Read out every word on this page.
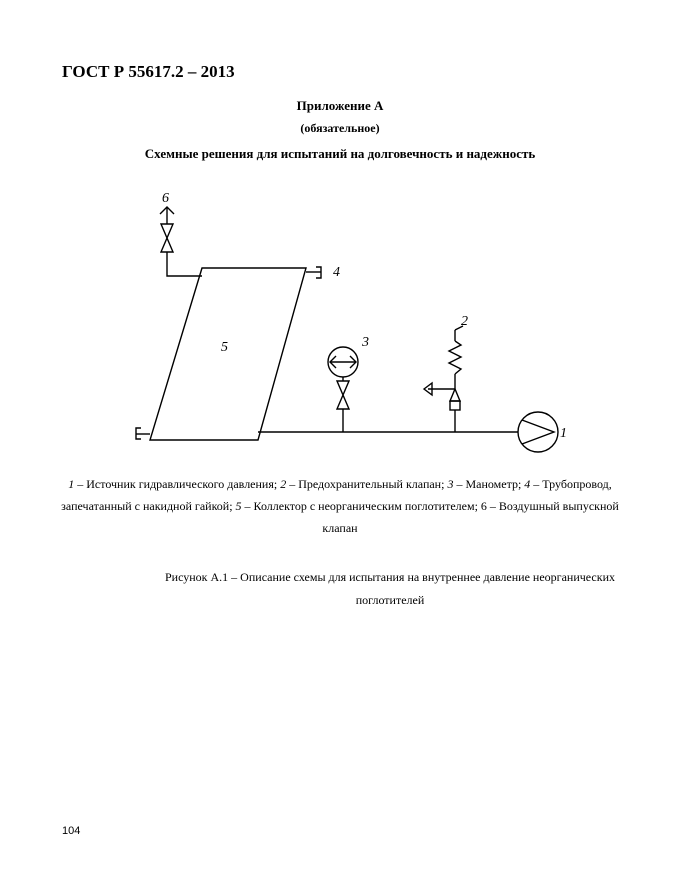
ГОСТ Р 55617.2 – 2013
Приложение А
(обязательное)
Схемные решения для испытаний на долговечность и надежность
6
4
5	3
2
1
1 – Источник гидравлического давления; 2 – Предохранительный клапан; 3 – Манометр; 4 – Трубопровод, запечатанный с накидной гайкой; 5 – Коллектор с неорганическим поглотителем; 6 – Воздушный выпускной клапан
Рисунок А.1 – Описание схемы для испытания на внутреннее давление неорганических поглотителей
104
